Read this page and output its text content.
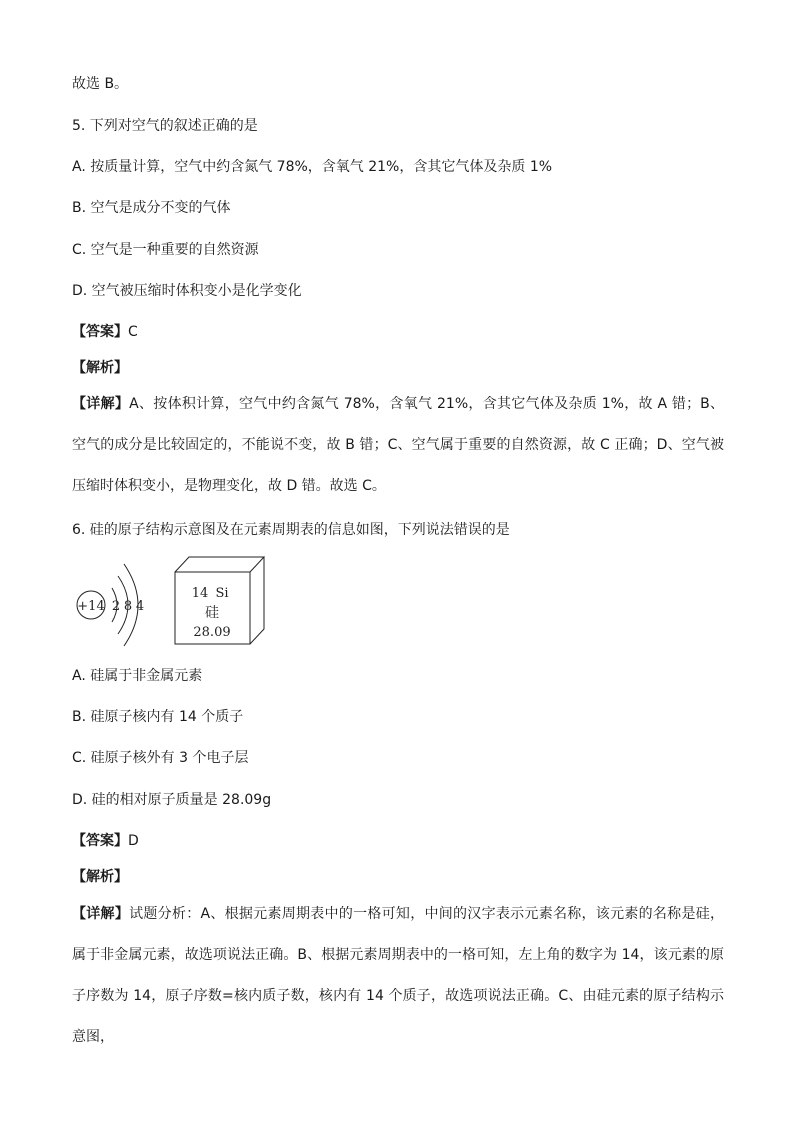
故选 B。
5. 下列对空气的叙述正确的是
A. 按质量计算，空气中约含氮气 78%，含氧气 21%，含其它气体及杂质 1%
B. 空气是成分不变的气体
C. 空气是一种重要的自然资源
D. 空气被压缩时体积变小是化学变化
【答案】C
【解析】
【详解】A、按体积计算，空气中约含氮气 78%，含氧气 21%，含其它气体及杂质 1%，故 A 错；B、空气的成分是比较固定的，不能说不变，故 B 错；C、空气属于重要的自然资源，故 C 正确；D、空气被压缩时体积变小，是物理变化，故 D 错。故选 C。
6. 硅的原子结构示意图及在元素周期表的信息如图，下列说法错误的是
+14 2 8 4
14 Si
硅
28.09
A. 硅属于非金属元素
B. 硅原子核内有 14 个质子
C. 硅原子核外有 3 个电子层
D. 硅的相对原子质量是 28.09g
【答案】D
【解析】
【详解】试题分析：A、根据元素周期表中的一格可知，中间的汉字表示元素名称，该元素的名称是硅，属于非金属元素，故选项说法正确。B、根据元素周期表中的一格可知，左上角的数字为 14，该元素的原子序数为 14，原子序数=核内质子数，核内有 14 个质子，故选项说法正确。C、由硅元素的原子结构示意图，
